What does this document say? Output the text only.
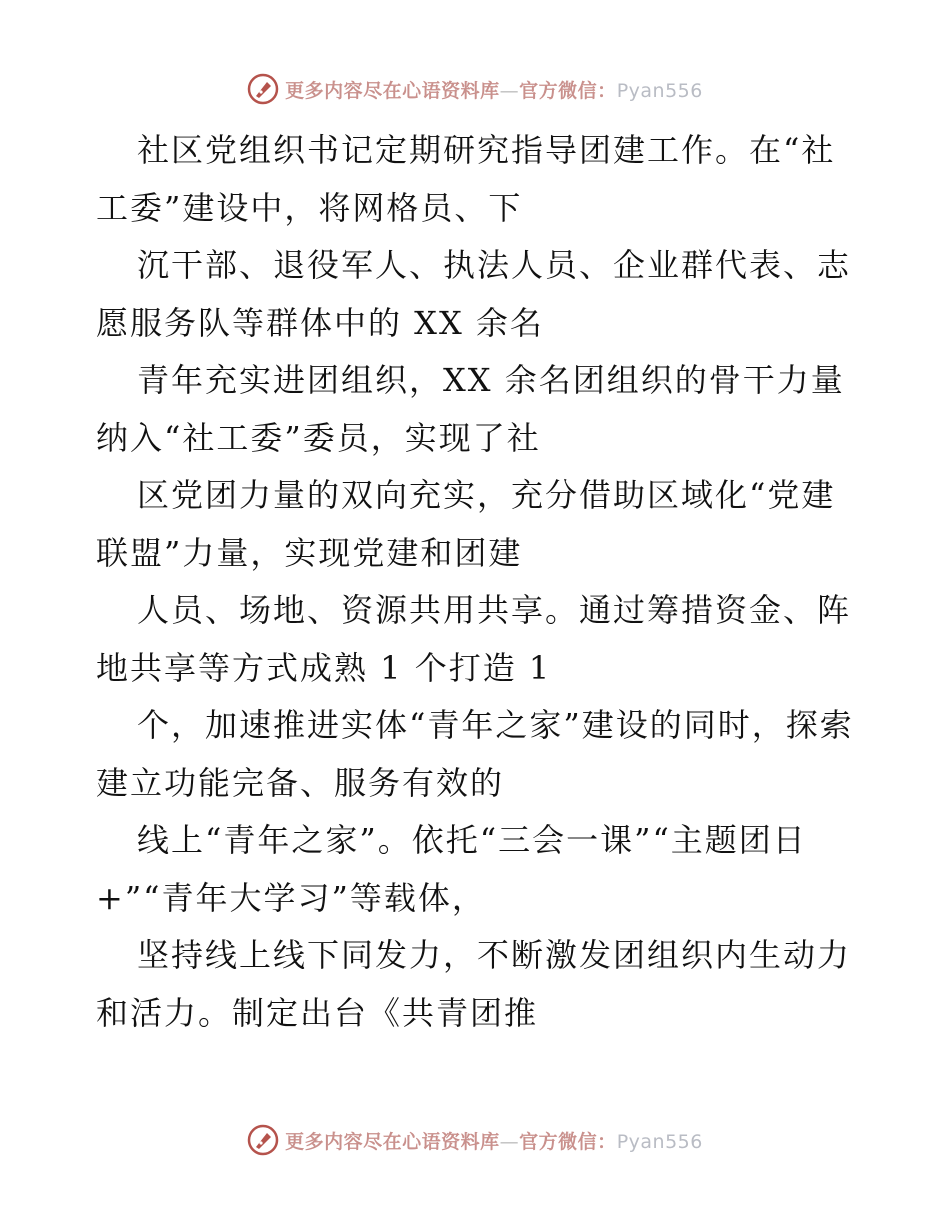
更多内容尽在心语资料库—官方微信：Pyan556

社区党组织书记定期研究指导团建工作。在“社工委”建设中，将网格员、下

沉干部、退役军人、执法人员、企业群代表、志愿服务队等群体中的 XX 余名

青年充实进团组织，XX 余名团组织的骨干力量纳入“社工委”委员，实现了社

区党团力量的双向充实，充分借助区域化“党建联盟”力量，实现党建和团建

人员、场地、资源共用共享。通过筹措资金、阵地共享等方式成熟 1 个打造 1

个，加速推进实体“青年之家”建设的同时，探索建立功能完备、服务有效的

线上“青年之家”。依托“三会一课”“主题团日+”“青年大学习”等载体，

坚持线上线下同发力，不断激发团组织内生动力和活力。制定出台《共青团推

更多内容尽在心语资料库—官方微信：Pyan556
